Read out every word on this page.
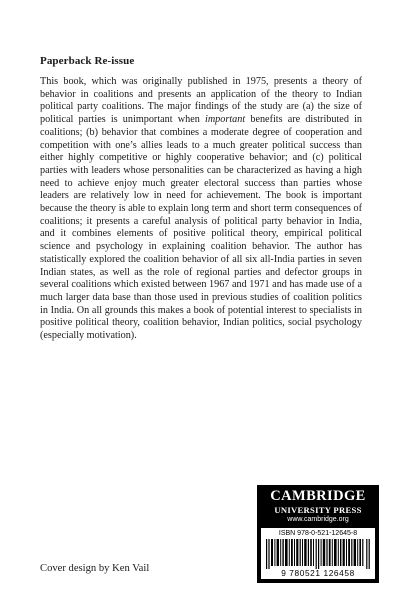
Paperback Re-issue
This book, which was originally published in 1975, presents a theory of behavior in coalitions and presents an application of the theory to Indian political party coalitions. The major findings of the study are (a) the size of political parties is unimportant when important benefits are distributed in coalitions; (b) behavior that combines a moderate degree of cooperation and competition with one’s allies leads to a much greater political success than either highly competitive or highly cooperative behavior; and (c) political parties with leaders whose personalities can be characterized as having a high need to achieve enjoy much greater electoral success than parties whose leaders are relatively low in need for achievement. The book is important because the theory is able to explain long term and short term consequences of coalitions; it presents a careful analysis of political party behavior in India, and it combines elements of positive political theory, empirical political science and psychology in explaining coalition behavior. The author has statistically explored the coalition behavior of all six all-India parties in seven Indian states, as well as the role of regional parties and defector groups in several coalitions which existed between 1967 and 1971 and has made use of a much larger data base than those used in previous studies of coalition politics in India. On all grounds this makes a book of potential interest to specialists in positive political theory, coalition behavior, Indian politics, social psychology (especially motivation).
Cover design by Ken Vail
CAMBRIDGE
UNIVERSITY PRESS
www.cambridge.org
ISBN 978-0-521-12645-8
9 780521 126458
